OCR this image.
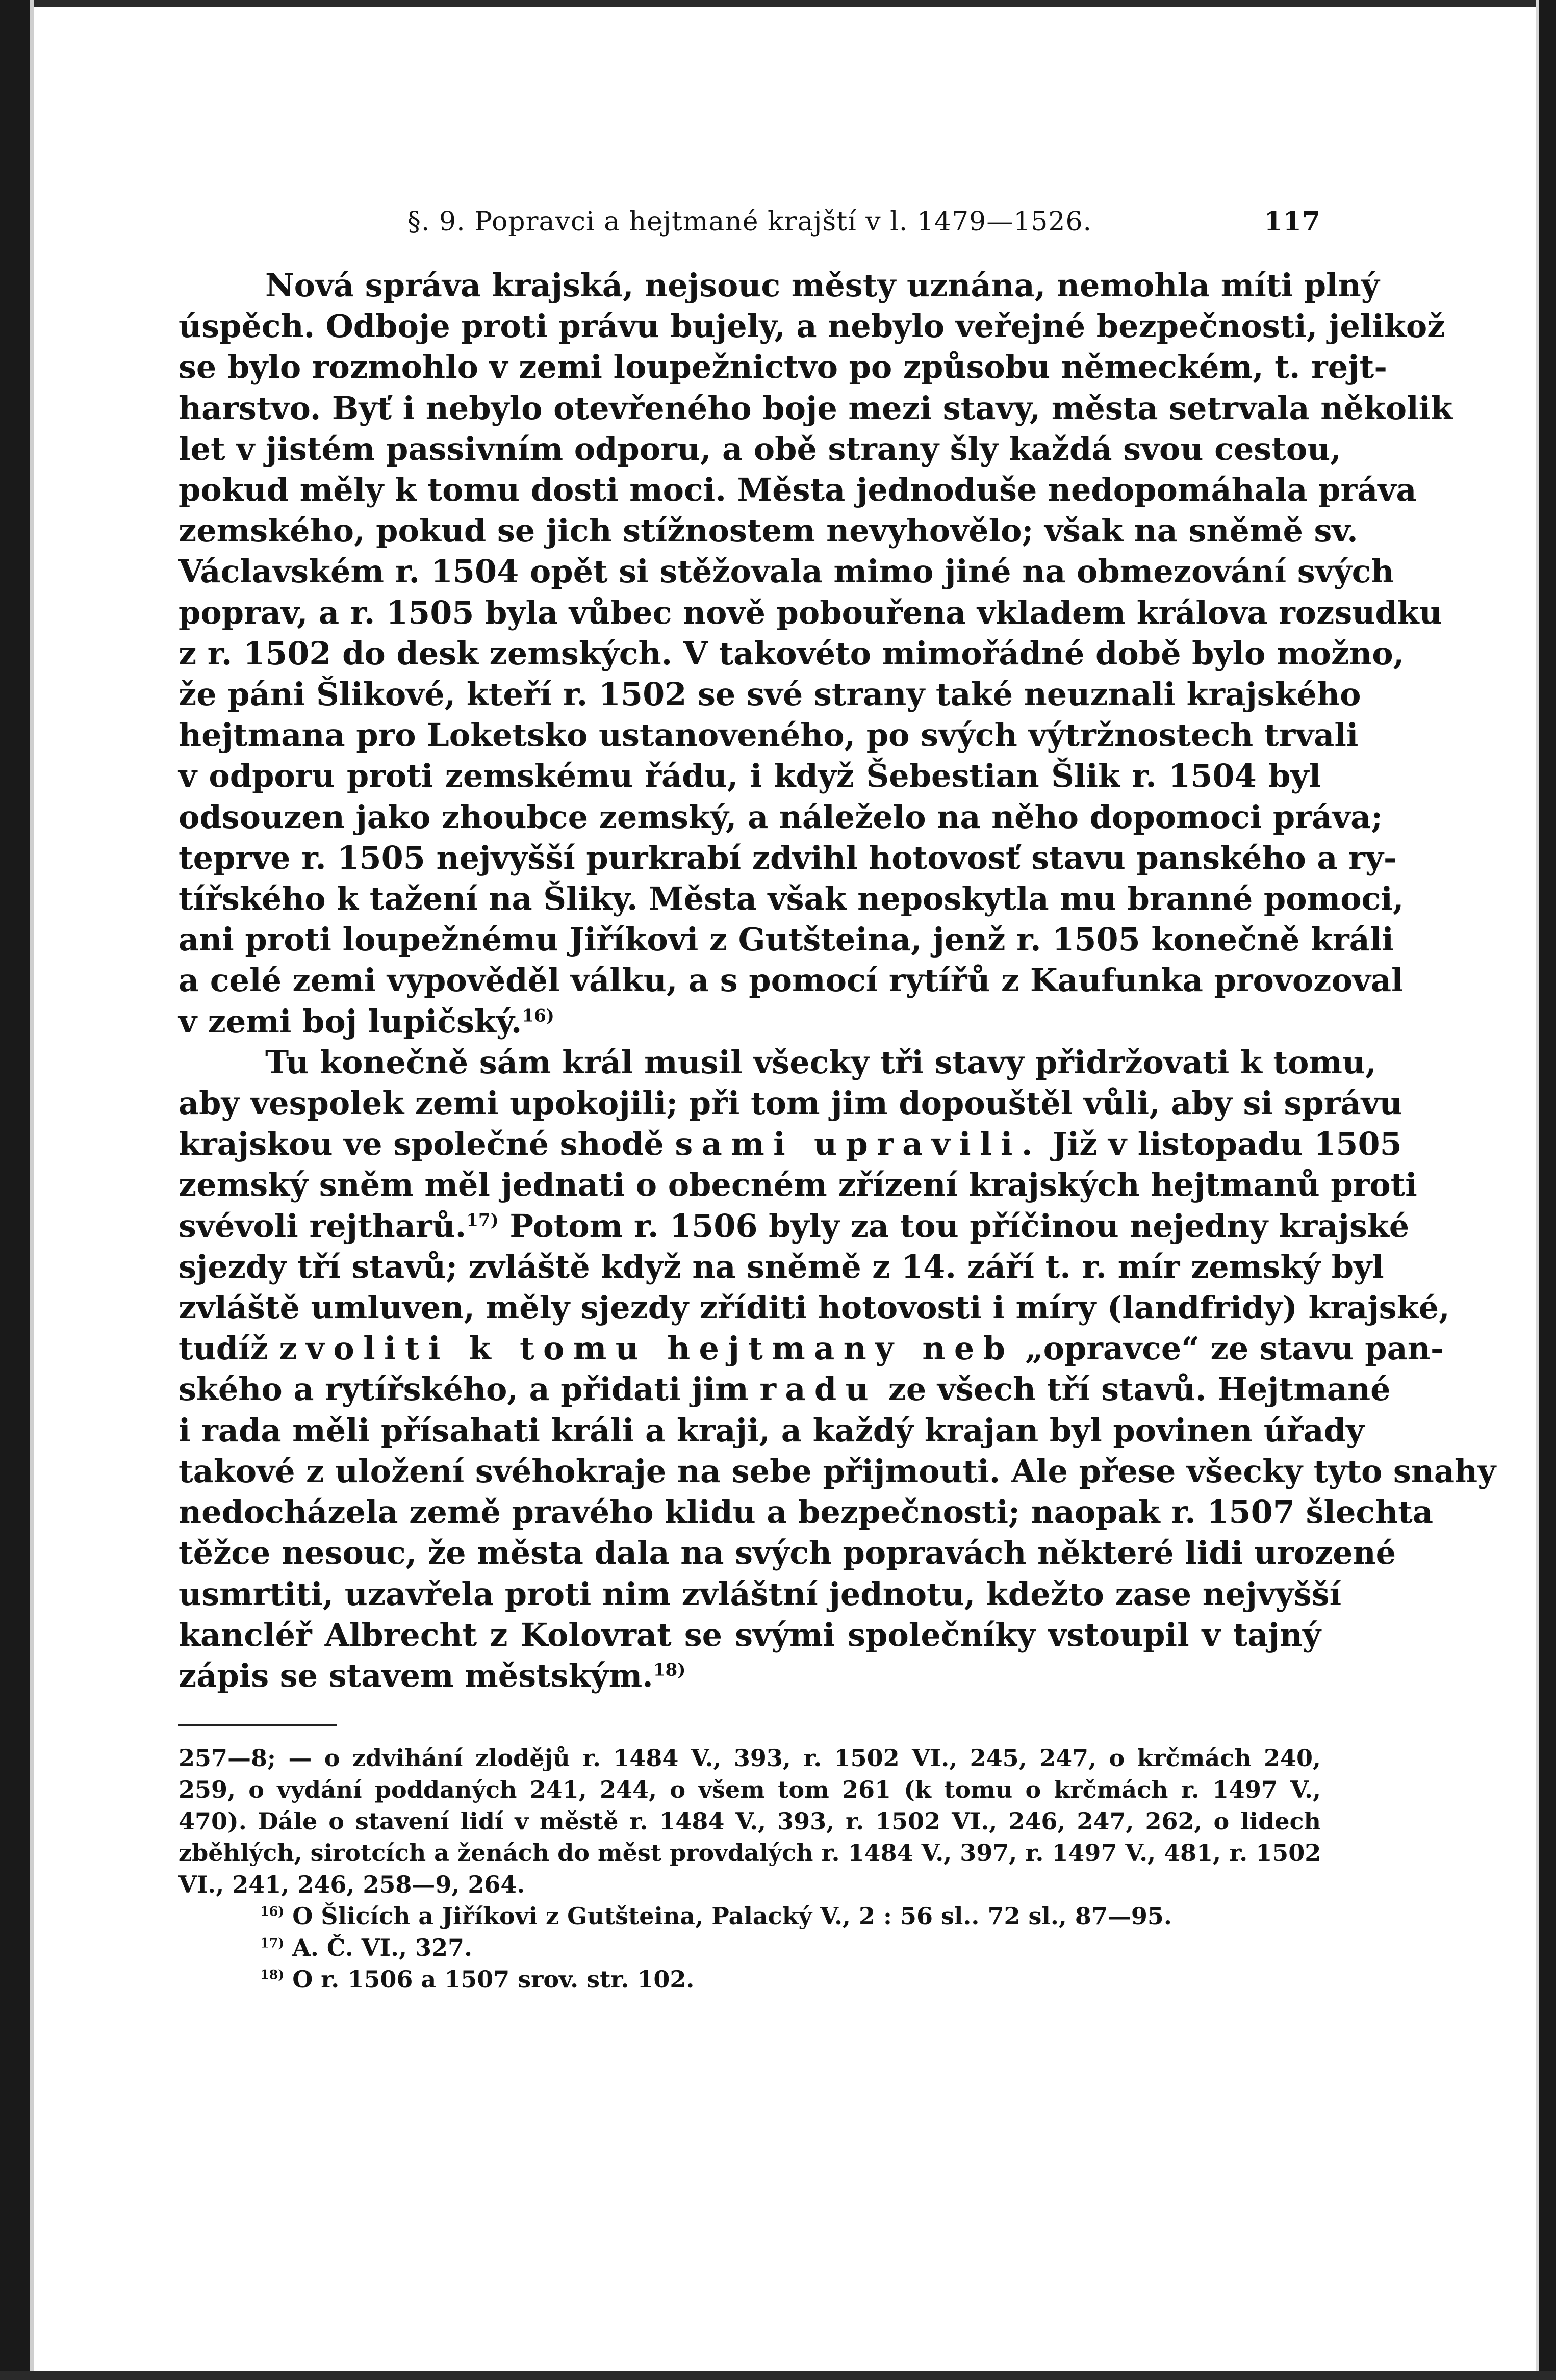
§. 9. Popravci a hejtmané krajští v l. 1479—1526.	117

Nová správa krajská, nejsouc městy uznána, nemohla míti plný
úspěch. Odboje proti právu bujely, a nebylo veřejné bezpečnosti, jelikož
se bylo rozmohlo v zemi loupežnictvo po způsobu německém, t. rejt-
harstvo. Byť i nebylo otevřeného boje mezi stavy, města setrvala několik
let v jistém passivním odporu, a obě strany šly každá svou cestou,
pokud měly k tomu dosti moci. Města jednoduše nedopomáhala práva
zemského, pokud se jich stížnostem nevyhovělo; však na sněmě sv.
Václavském r. 1504 opět si stěžovala mimo jiné na obmezování svých
poprav, a r. 1505 byla vůbec nově pobouřena vkladem králova rozsudku
z r. 1502 do desk zemských. V takovéto mimořádné době bylo možno,
že páni Šlikové, kteří r. 1502 se své strany také neuznali krajského
hejtmana pro Loketsko ustanoveného, po svých výtržnostech trvali
v odporu proti zemskému řádu, i když Šebestian Šlik r. 1504 byl
odsouzen jako zhoubce zemský, a náleželo na něho dopomoci práva;
teprve r. 1505 nejvyšší purkrabí zdvihl hotovosť stavu panského a ry-
tířského k tažení na Šliky. Města však neposkytla mu branné pomoci,
ani proti loupežnému Jiříkovi z Gutšteina, jenž r. 1505 konečně králi
a celé zemi vypověděl válku, a s pomocí rytířů z Kaufunka provozoval
v zemi boj lupičský.$^{16)}$

Tu konečně sám král musil všecky tři stavy přidržovati k tomu,
aby vespolek zemi upokojili; při tom jim dopouštěl vůli, aby si správu
krajskou ve společné shodě sami upravili. Již v listopadu 1505
zemský sněm měl jednati o obecném zřízení krajských hejtmanů proti
svévoli rejtharů.$^{17)}$ Potom r. 1506 byly za tou příčinou nejedny krajské
sjezdy tří stavů; zvláště když na sněmě z 14. září t. r. mír zemský byl
zvláště umluven, měly sjezdy zříditi hotovosti i míry (landfridy) krajské,
tudíž zvoliti k tomu hejtmany neb „opravce“ ze stavu pan-
ského a rytířského, a přidati jim radu ze všech tří stavů. Hejtmané
i rada měli přísahati králi a kraji, a každý krajan byl povinen úřady
takové z uložení svéhokraje na sebe přijmouti. Ale přese všecky tyto snahy
nedocházela země pravého klidu a bezpečnosti; naopak r. 1507 šlechta
těžce nesouc, že města dala na svých popravách některé lidi urozené
usmrtiti, uzavřela proti nim zvláštní jednotu, kdežto zase nejvyšší
kancléř Albrecht z Kolovrat se svými společníky vstoupil v tajný
zápis se stavem městským.$^{18)}$

257—8; — o zdvihání zlodějů r. 1484 V., 393, r. 1502 VI., 245, 247, o krčmách 240,
259, o vydání poddaných 241, 244, o všem tom 261 (k tomu o krčmách r. 1497 V.,
470). Dále o stavení lidí v městě r. 1484 V., 393, r. 1502 VI., 246, 247, 262, o lidech
zběhlých, sirotcích a ženách do měst provdalých r. 1484 V., 397, r. 1497 V., 481, r. 1502
VI., 241, 246, 258—9, 264.
$^{16)}$ O Šlicích a Jiříkovi z Gutšteina, Palacký V., 2 : 56 sl.. 72 sl., 87—95.
$^{17)}$ A. Č. VI., 327.
$^{18)}$ O r. 1506 a 1507 srov. str. 102.
